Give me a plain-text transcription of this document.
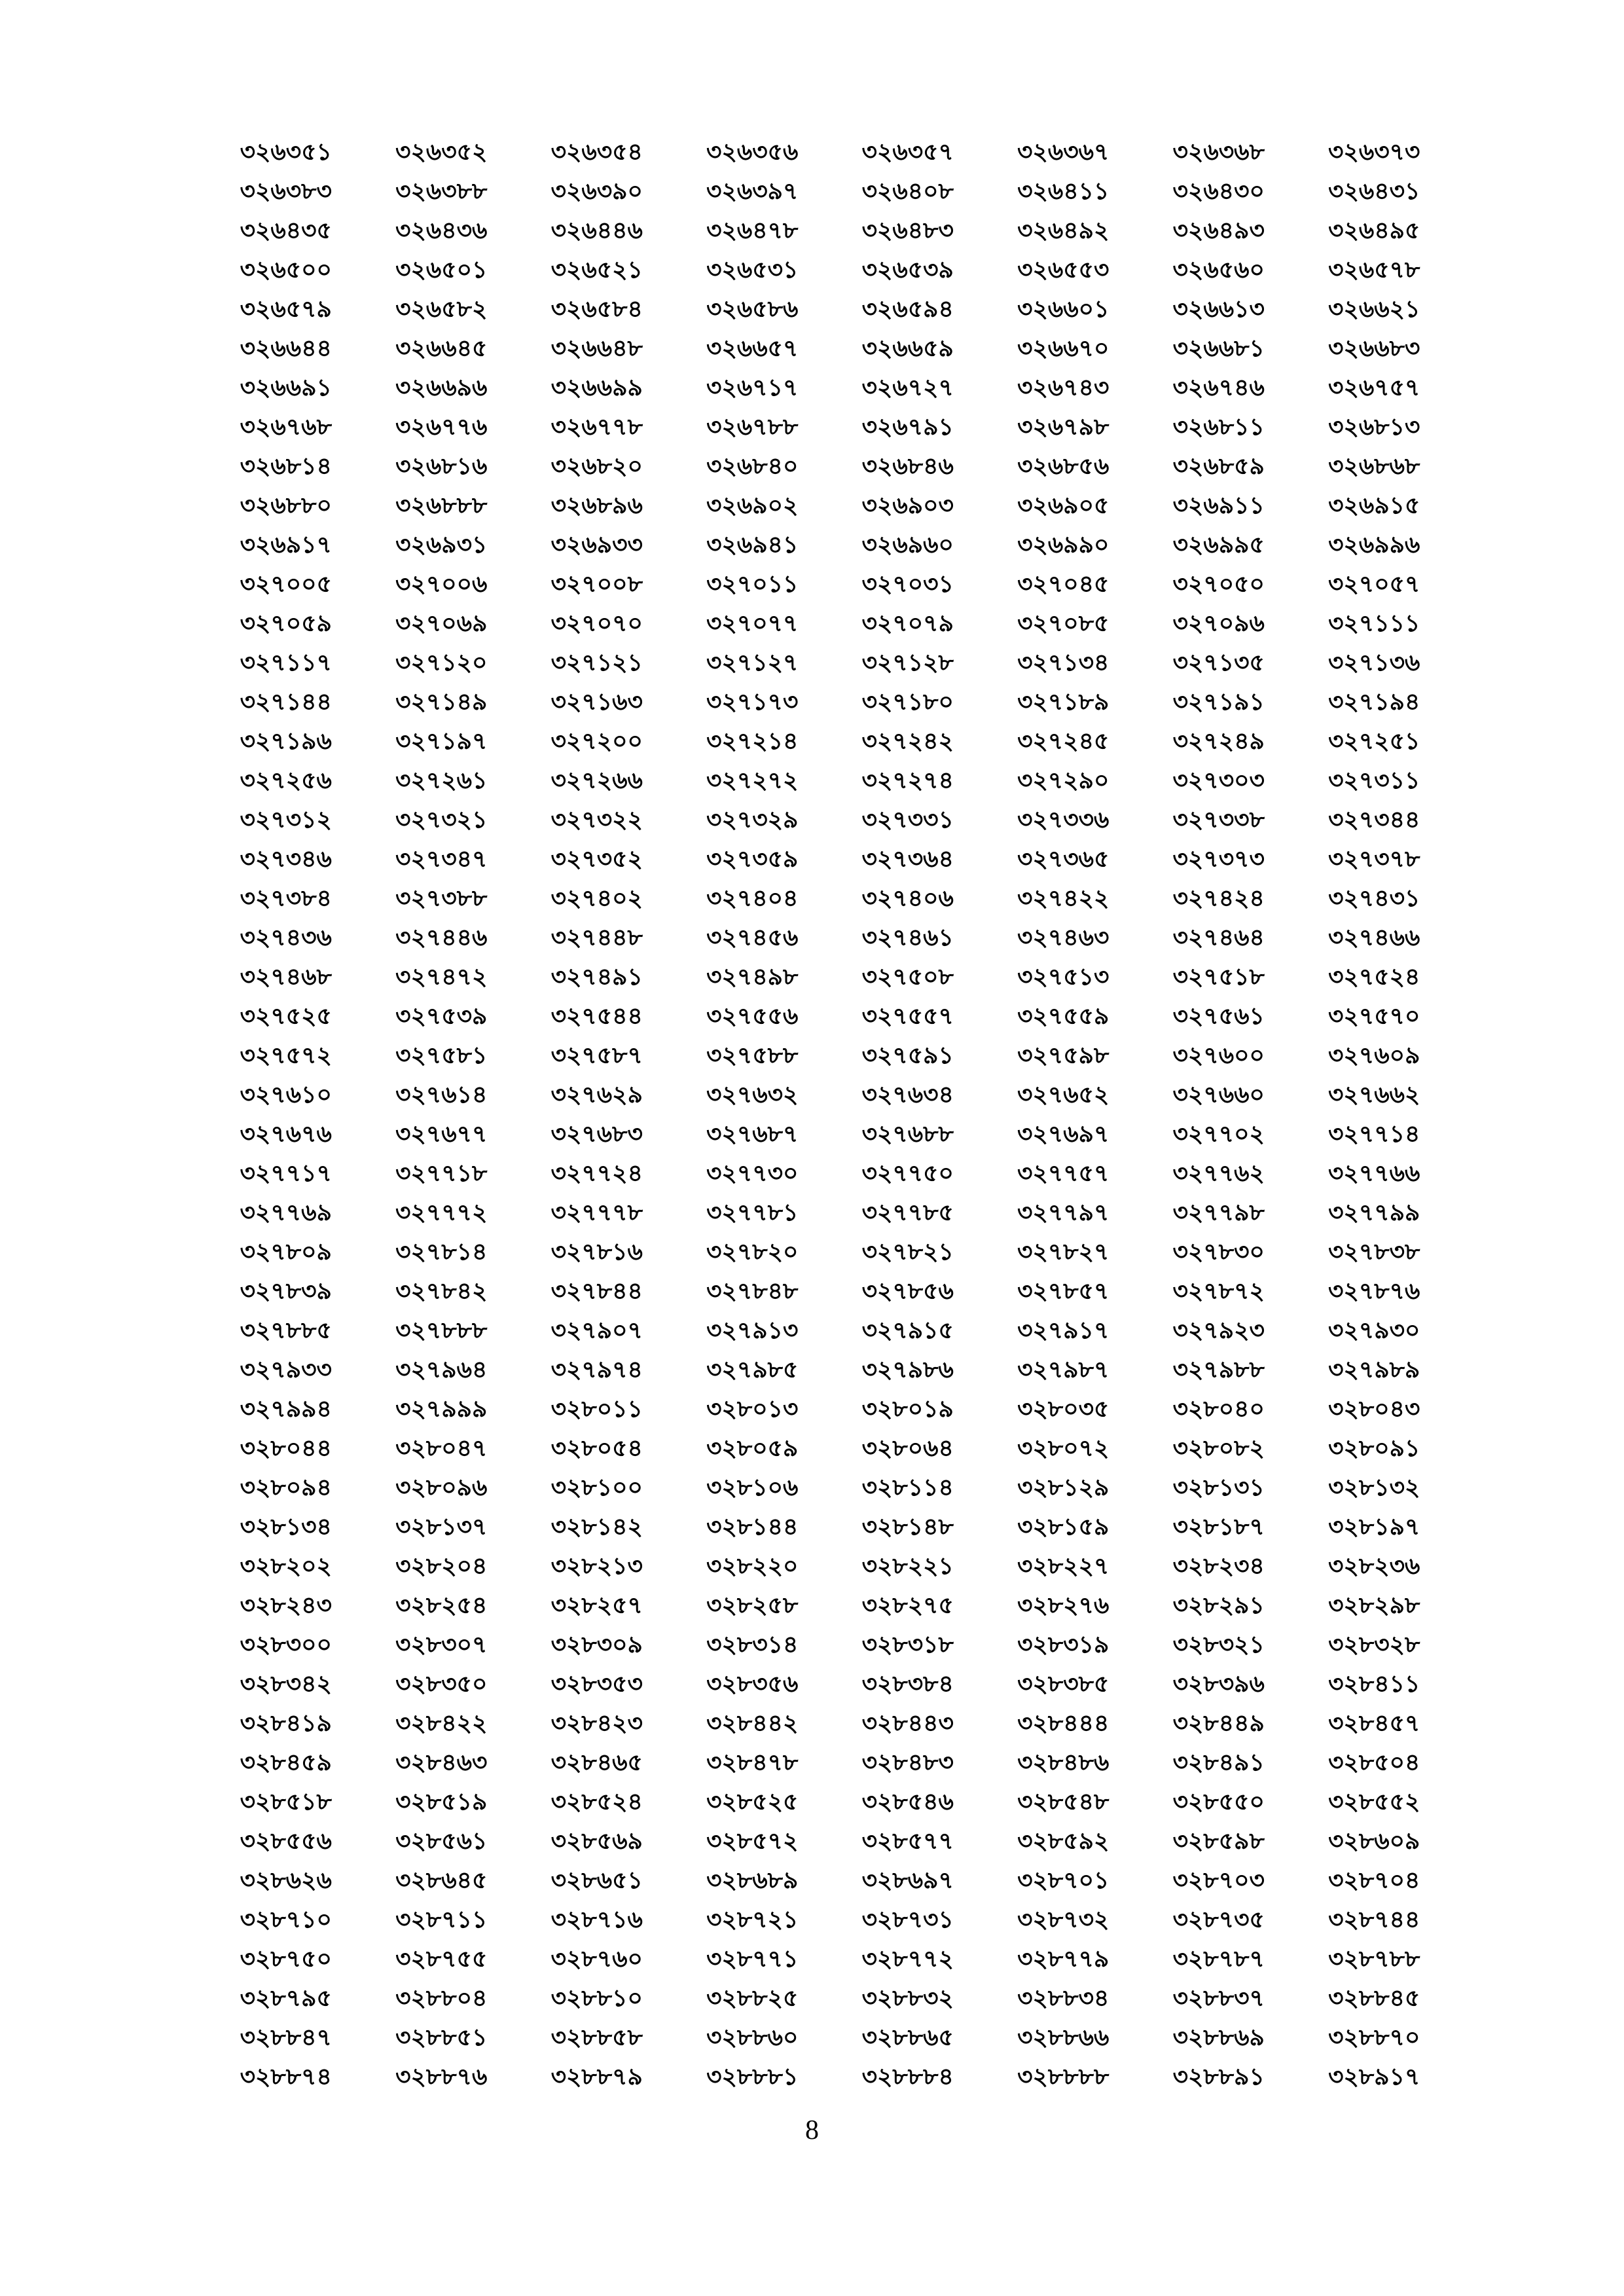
৩২৬৩৫১	৩২৬৩৫২	৩২৬৩৫৪	৩২৬৩৫৬	৩২৬৩৫৭	৩২৬৩৬৭	৩২৬৩৬৮	৩২৬৩৭৩
৩২৬৩৮৩	৩২৬৩৮৮	৩২৬৩৯০	৩২৬৩৯৭	৩২৬৪০৮	৩২৬৪১১	৩২৬৪৩০	৩২৬৪৩১
৩২৬৪৩৫	৩২৬৪৩৬	৩২৬৪৪৬	৩২৬৪৭৮	৩২৬৪৮৩	৩২৬৪৯২	৩২৬৪৯৩	৩২৬৪৯৫
৩২৬৫০০	৩২৬৫০১	৩২৬৫২১	৩২৬৫৩১	৩২৬৫৩৯	৩২৬৫৫৩	৩২৬৫৬০	৩২৬৫৭৮
৩২৬৫৭৯	৩২৬৫৮২	৩২৬৫৮৪	৩২৬৫৮৬	৩২৬৫৯৪	৩২৬৬০১	৩২৬৬১৩	৩২৬৬২১
৩২৬৬৪৪	৩২৬৬৪৫	৩২৬৬৪৮	৩২৬৬৫৭	৩২৬৬৫৯	৩২৬৬৭০	৩২৬৬৮১	৩২৬৬৮৩
৩২৬৬৯১	৩২৬৬৯৬	৩২৬৬৯৯	৩২৬৭১৭	৩২৬৭২৭	৩২৬৭৪৩	৩২৬৭৪৬	৩২৬৭৫৭
৩২৬৭৬৮	৩২৬৭৭৬	৩২৬৭৭৮	৩২৬৭৮৮	৩২৬৭৯১	৩২৬৭৯৮	৩২৬৮১১	৩২৬৮১৩
৩২৬৮১৪	৩২৬৮১৬	৩২৬৮২০	৩২৬৮৪০	৩২৬৮৪৬	৩২৬৮৫৬	৩২৬৮৫৯	৩২৬৮৬৮
৩২৬৮৮০	৩২৬৮৮৮	৩২৬৮৯৬	৩২৬৯০২	৩২৬৯০৩	৩২৬৯০৫	৩২৬৯১১	৩২৬৯১৫
৩২৬৯১৭	৩২৬৯৩১	৩২৬৯৩৩	৩২৬৯৪১	৩২৬৯৬০	৩২৬৯৯০	৩২৬৯৯৫	৩২৬৯৯৬
৩২৭০০৫	৩২৭০০৬	৩২৭০০৮	৩২৭০১১	৩২৭০৩১	৩২৭০৪৫	৩২৭০৫০	৩২৭০৫৭
৩২৭০৫৯	৩২৭০৬৯	৩২৭০৭০	৩২৭০৭৭	৩২৭০৭৯	৩২৭০৮৫	৩২৭০৯৬	৩২৭১১১
৩২৭১১৭	৩২৭১২০	৩২৭১২১	৩২৭১২৭	৩২৭১২৮	৩২৭১৩৪	৩২৭১৩৫	৩২৭১৩৬
৩২৭১৪৪	৩২৭১৪৯	৩২৭১৬৩	৩২৭১৭৩	৩২৭১৮০	৩২৭১৮৯	৩২৭১৯১	৩২৭১৯৪
৩২৭১৯৬	৩২৭১৯৭	৩২৭২০০	৩২৭২১৪	৩২৭২৪২	৩২৭২৪৫	৩২৭২৪৯	৩২৭২৫১
৩২৭২৫৬	৩২৭২৬১	৩২৭২৬৬	৩২৭২৭২	৩২৭২৭৪	৩২৭২৯০	৩২৭৩০৩	৩২৭৩১১
৩২৭৩১২	৩২৭৩২১	৩২৭৩২২	৩২৭৩২৯	৩২৭৩৩১	৩২৭৩৩৬	৩২৭৩৩৮	৩২৭৩৪৪
৩২৭৩৪৬	৩২৭৩৪৭	৩২৭৩৫২	৩২৭৩৫৯	৩২৭৩৬৪	৩২৭৩৬৫	৩২৭৩৭৩	৩২৭৩৭৮
৩২৭৩৮৪	৩২৭৩৮৮	৩২৭৪০২	৩২৭৪০৪	৩২৭৪০৬	৩২৭৪২২	৩২৭৪২৪	৩২৭৪৩১
৩২৭৪৩৬	৩২৭৪৪৬	৩২৭৪৪৮	৩২৭৪৫৬	৩২৭৪৬১	৩২৭৪৬৩	৩২৭৪৬৪	৩২৭৪৬৬
৩২৭৪৬৮	৩২৭৪৭২	৩২৭৪৯১	৩২৭৪৯৮	৩২৭৫০৮	৩২৭৫১৩	৩২৭৫১৮	৩২৭৫২৪
৩২৭৫২৫	৩২৭৫৩৯	৩২৭৫৪৪	৩২৭৫৫৬	৩২৭৫৫৭	৩২৭৫৫৯	৩২৭৫৬১	৩২৭৫৭০
৩২৭৫৭২	৩২৭৫৮১	৩২৭৫৮৭	৩২৭৫৮৮	৩২৭৫৯১	৩২৭৫৯৮	৩২৭৬০০	৩২৭৬০৯
৩২৭৬১০	৩২৭৬১৪	৩২৭৬২৯	৩২৭৬৩২	৩২৭৬৩৪	৩২৭৬৫২	৩২৭৬৬০	৩২৭৬৬২
৩২৭৬৭৬	৩২৭৬৭৭	৩২৭৬৮৩	৩২৭৬৮৭	৩২৭৬৮৮	৩২৭৬৯৭	৩২৭৭০২	৩২৭৭১৪
৩২৭৭১৭	৩২৭৭১৮	৩২৭৭২৪	৩২৭৭৩০	৩২৭৭৫০	৩২৭৭৫৭	৩২৭৭৬২	৩২৭৭৬৬
৩২৭৭৬৯	৩২৭৭৭২	৩২৭৭৭৮	৩২৭৭৮১	৩২৭৭৮৫	৩২৭৭৯৭	৩২৭৭৯৮	৩২৭৭৯৯
৩২৭৮০৯	৩২৭৮১৪	৩২৭৮১৬	৩২৭৮২০	৩২৭৮২১	৩২৭৮২৭	৩২৭৮৩০	৩২৭৮৩৮
৩২৭৮৩৯	৩২৭৮৪২	৩২৭৮৪৪	৩২৭৮৪৮	৩২৭৮৫৬	৩২৭৮৫৭	৩২৭৮৭২	৩২৭৮৭৬
৩২৭৮৮৫	৩২৭৮৮৮	৩২৭৯০৭	৩২৭৯১৩	৩২৭৯১৫	৩২৭৯১৭	৩২৭৯২৩	৩২৭৯৩০
৩২৭৯৩৩	৩২৭৯৬৪	৩২৭৯৭৪	৩২৭৯৮৫	৩২৭৯৮৬	৩২৭৯৮৭	৩২৭৯৮৮	৩২৭৯৮৯
৩২৭৯৯৪	৩২৭৯৯৯	৩২৮০১১	৩২৮০১৩	৩২৮০১৯	৩২৮০৩৫	৩২৮০৪০	৩২৮০৪৩
৩২৮০৪৪	৩২৮০৪৭	৩২৮০৫৪	৩২৮০৫৯	৩২৮০৬৪	৩২৮০৭২	৩২৮০৮২	৩২৮০৯১
৩২৮০৯৪	৩২৮০৯৬	৩২৮১০০	৩২৮১০৬	৩২৮১১৪	৩২৮১২৯	৩২৮১৩১	৩২৮১৩২
৩২৮১৩৪	৩২৮১৩৭	৩২৮১৪২	৩২৮১৪৪	৩২৮১৪৮	৩২৮১৫৯	৩২৮১৮৭	৩২৮১৯৭
৩২৮২০২	৩২৮২০৪	৩২৮২১৩	৩২৮২২০	৩২৮২২১	৩২৮২২৭	৩২৮২৩৪	৩২৮২৩৬
৩২৮২৪৩	৩২৮২৫৪	৩২৮২৫৭	৩২৮২৫৮	৩২৮২৭৫	৩২৮২৭৬	৩২৮২৯১	৩২৮২৯৮
৩২৮৩০০	৩২৮৩০৭	৩২৮৩০৯	৩২৮৩১৪	৩২৮৩১৮	৩২৮৩১৯	৩২৮৩২১	৩২৮৩২৮
৩২৮৩৪২	৩২৮৩৫০	৩২৮৩৫৩	৩২৮৩৫৬	৩২৮৩৮৪	৩২৮৩৮৫	৩২৮৩৯৬	৩২৮৪১১
৩২৮৪১৯	৩২৮৪২২	৩২৮৪২৩	৩২৮৪৪২	৩২৮৪৪৩	৩২৮৪৪৪	৩২৮৪৪৯	৩২৮৪৫৭
৩২৮৪৫৯	৩২৮৪৬৩	৩২৮৪৬৫	৩২৮৪৭৮	৩২৮৪৮৩	৩২৮৪৮৬	৩২৮৪৯১	৩২৮৫০৪
৩২৮৫১৮	৩২৮৫১৯	৩২৮৫২৪	৩২৮৫২৫	৩২৮৫৪৬	৩২৮৫৪৮	৩২৮৫৫০	৩২৮৫৫২
৩২৮৫৫৬	৩২৮৫৬১	৩২৮৫৬৯	৩২৮৫৭২	৩২৮৫৭৭	৩২৮৫৯২	৩২৮৫৯৮	৩২৮৬০৯
৩২৮৬২৬	৩২৮৬৪৫	৩২৮৬৫১	৩২৮৬৮৯	৩২৮৬৯৭	৩২৮৭০১	৩২৮৭০৩	৩২৮৭০৪
৩২৮৭১০	৩২৮৭১১	৩২৮৭১৬	৩২৮৭২১	৩২৮৭৩১	৩২৮৭৩২	৩২৮৭৩৫	৩২৮৭৪৪
৩২৮৭৫০	৩২৮৭৫৫	৩২৮৭৬০	৩২৮৭৭১	৩২৮৭৭২	৩২৮৭৭৯	৩২৮৭৮৭	৩২৮৭৮৮
৩২৮৭৯৫	৩২৮৮০৪	৩২৮৮১০	৩২৮৮২৫	৩২৮৮৩২	৩২৮৮৩৪	৩২৮৮৩৭	৩২৮৮৪৫
৩২৮৮৪৭	৩২৮৮৫১	৩২৮৮৫৮	৩২৮৮৬০	৩২৮৮৬৫	৩২৮৮৬৬	৩২৮৮৬৯	৩২৮৮৭০
৩২৮৮৭৪	৩২৮৮৭৬	৩২৮৮৭৯	৩২৮৮৮১	৩২৮৮৮৪	৩২৮৮৮৮	৩২৮৮৯১	৩২৮৯১৭
8
